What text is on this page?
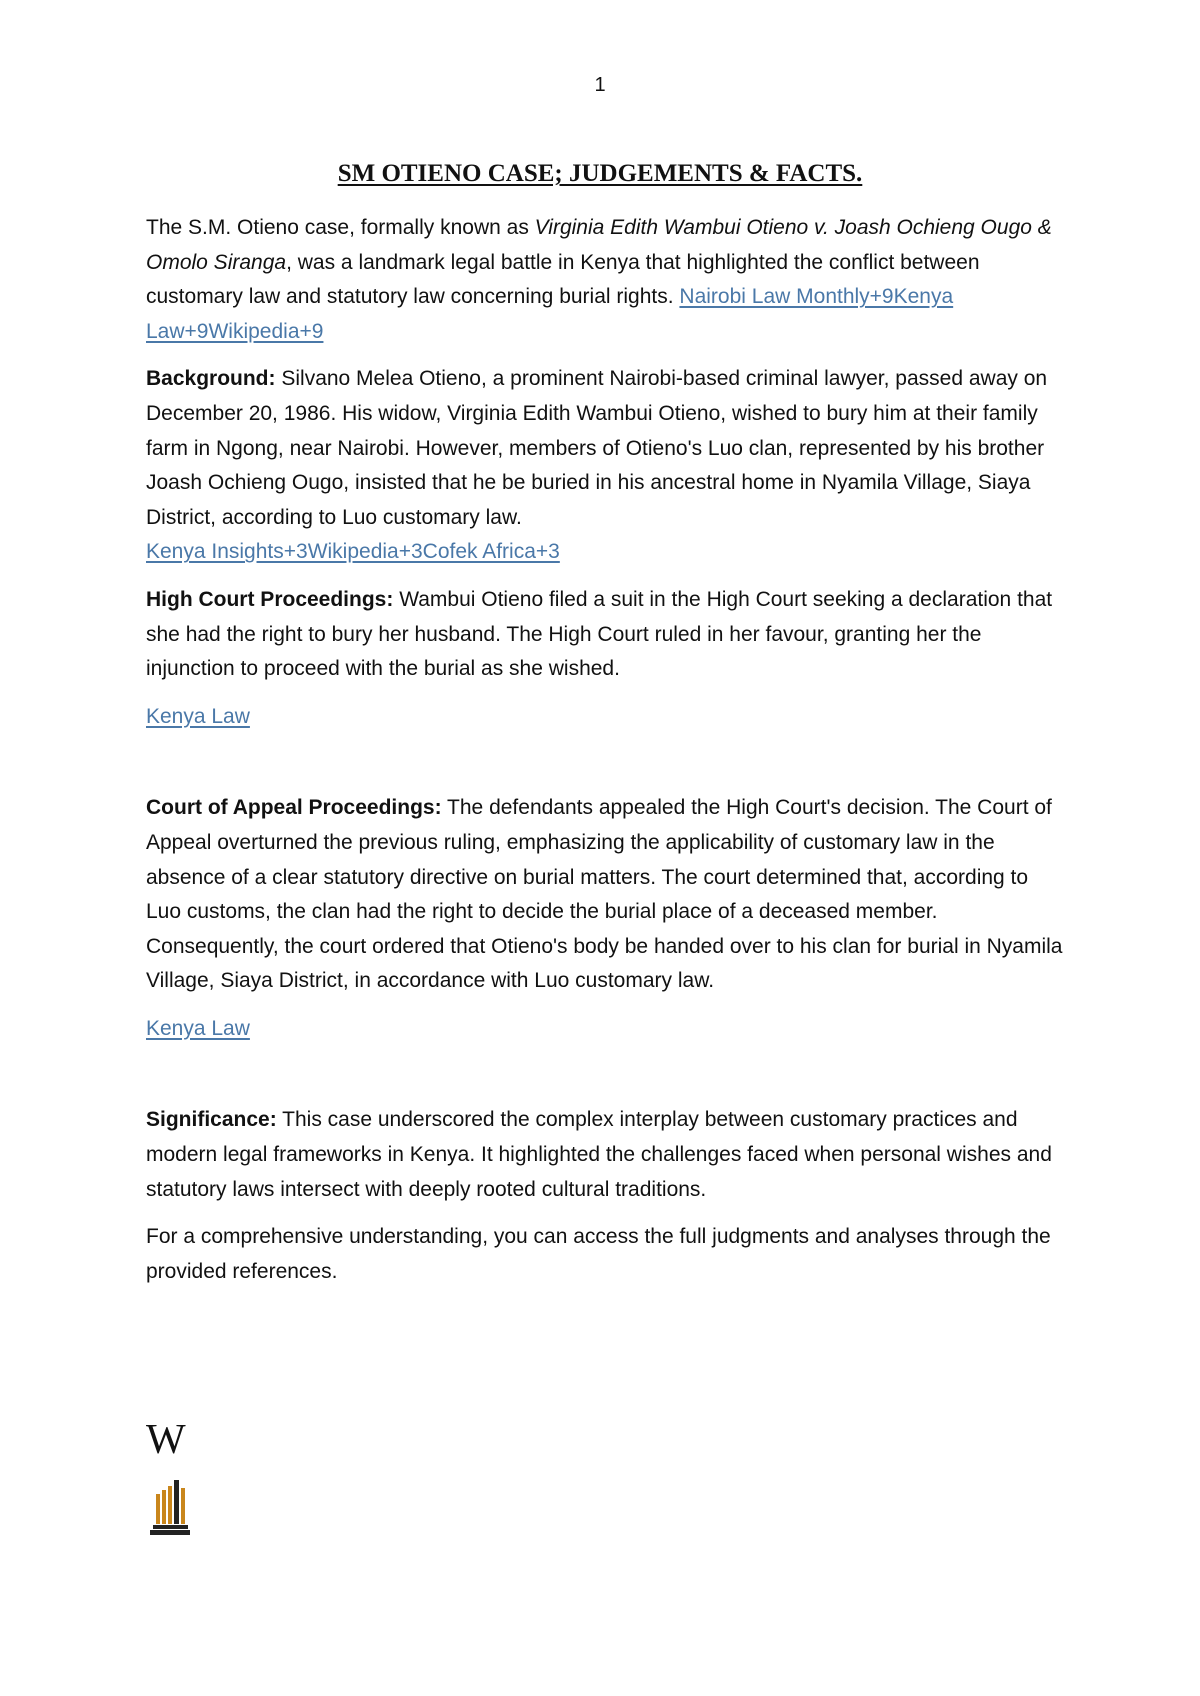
1
SM OTIENO CASE; JUDGEMENTS & FACTS.

The S.M. Otieno case, formally known as Virginia Edith Wambui Otieno v. Joash Ochieng Ougo & Omolo Siranga, was a landmark legal battle in Kenya that highlighted the conflict between customary law and statutory law concerning burial rights. Nairobi Law Monthly+9Kenya Law+9Wikipedia+9

Background: Silvano Melea Otieno, a prominent Nairobi-based criminal lawyer, passed away on December 20, 1986. His widow, Virginia Edith Wambui Otieno, wished to bury him at their family farm in Ngong, near Nairobi. However, members of Otieno's Luo clan, represented by his brother Joash Ochieng Ougo, insisted that he be buried in his ancestral home in Nyamila Village, Siaya District, according to Luo customary law.
Kenya Insights+3Wikipedia+3Cofek Africa+3

High Court Proceedings: Wambui Otieno filed a suit in the High Court seeking a declaration that she had the right to bury her husband. The High Court ruled in her favour, granting her the injunction to proceed with the burial as she wished.

Kenya Law

Court of Appeal Proceedings: The defendants appealed the High Court's decision. The Court of Appeal overturned the previous ruling, emphasizing the applicability of customary law in the absence of a clear statutory directive on burial matters. The court determined that, according to Luo customs, the clan had the right to decide the burial place of a deceased member. Consequently, the court ordered that Otieno's body be handed over to his clan for burial in Nyamila Village, Siaya District, in accordance with Luo customary law.

Kenya Law

Significance: This case underscored the complex interplay between customary practices and modern legal frameworks in Kenya. It highlighted the challenges faced when personal wishes and statutory laws intersect with deeply rooted cultural traditions.

For a comprehensive understanding, you can access the full judgments and analyses through the provided references.

W
